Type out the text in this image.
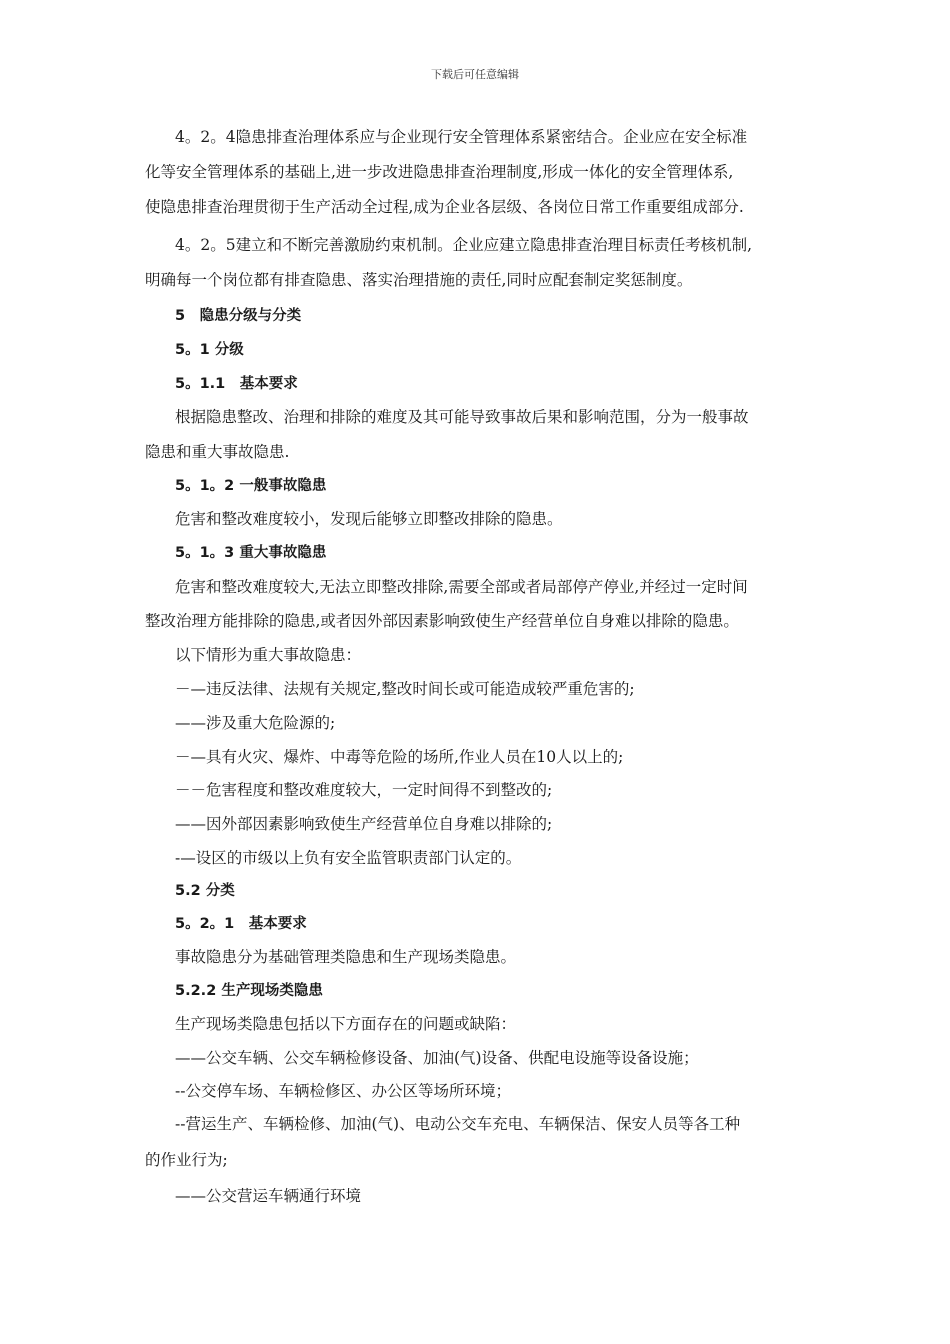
下载后可任意编辑
4。2。4隐患排查治理体系应与企业现行安全管理体系紧密结合。企业应在安全标准
化等安全管理体系的基础上,进一步改进隐患排查治理制度,形成一体化的安全管理体系,
使隐患排查治理贯彻于生产活动全过程,成为企业各层级、各岗位日常工作重要组成部分.
4。2。5建立和不断完善激励约束机制。企业应建立隐患排查治理目标责任考核机制,
明确每一个岗位都有排查隐患、落实治理措施的责任,同时应配套制定奖惩制度。
5　隐患分级与分类
5。1 分级
5。1.1　基本要求
根据隐患整改、治理和排除的难度及其可能导致事故后果和影响范围，分为一般事故
隐患和重大事故隐患.
5。1。2 一般事故隐患
危害和整改难度较小，发现后能够立即整改排除的隐患。
5。1。3 重大事故隐患
危害和整改难度较大,无法立即整改排除,需要全部或者局部停产停业,并经过一定时间
整改治理方能排除的隐患,或者因外部因素影响致使生产经营单位自身难以排除的隐患。
以下情形为重大事故隐患：
－—违反法律、法规有关规定,整改时间长或可能造成较严重危害的;
——涉及重大危险源的;
－—具有火灾、爆炸、中毒等危险的场所,作业人员在10人以上的;
－－危害程度和整改难度较大，一定时间得不到整改的;
——因外部因素影响致使生产经营单位自身难以排除的;
-—设区的市级以上负有安全监管职责部门认定的。
5.2 分类
5。2。1　基本要求
事故隐患分为基础管理类隐患和生产现场类隐患。
5.2.2 生产现场类隐患
生产现场类隐患包括以下方面存在的问题或缺陷：
——公交车辆、公交车辆检修设备、加油(气)设备、供配电设施等设备设施；
--公交停车场、车辆检修区、办公区等场所环境；
--营运生产、车辆检修、加油(气)、电动公交车充电、车辆保洁、保安人员等各工种
的作业行为;
——公交营运车辆通行环境
